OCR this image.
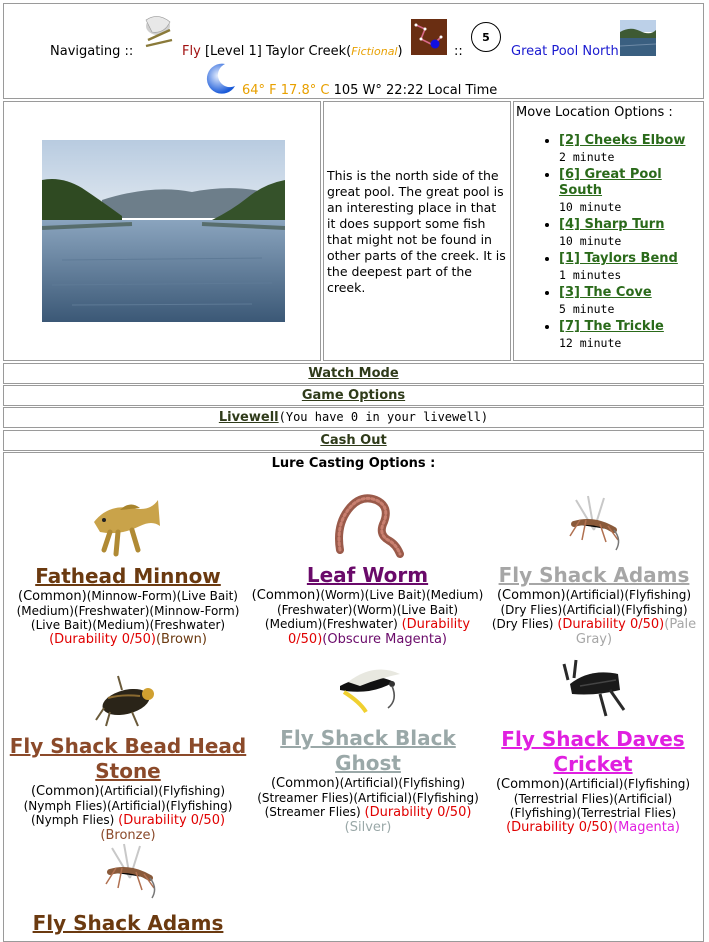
Navigating ::	Fly [Level 1] Taylor Creek(Fictional)	::
5
Great Pool North
64° F 17.8° C 105 W° 22:22 Local Time
This is the north side of the great pool. The great pool is an interesting place in that it does support some fish that might not be found in other parts of the creek. It is the deepest part of the creek.
Move Location Options :
• [2] Cheeks Elbow
2 minute
• [6] Great Pool South
10 minute
• [4] Sharp Turn
10 minute
• [1] Taylors Bend
1 minutes
• [3] The Cove
5 minute
• [7] The Trickle
12 minute
Watch Mode
Game Options
Livewell(You have 0 in your livewell)
Cash Out
Lure Casting Options :
Fathead Minnow
(Common)(Minnow-Form)(Live Bait)(Medium)(Freshwater)(Minnow-Form)(Live Bait)(Medium)(Freshwater) (Durability 0/50)(Brown)
Leaf Worm
(Common)(Worm)(Live Bait)(Medium)(Freshwater)(Worm)(Live Bait)(Medium)(Freshwater) (Durability 0/50)(Obscure Magenta)
Fly Shack Adams
(Common)(Artificial)(Flyfishing)(Dry Flies)(Artificial)(Flyfishing)(Dry Flies) (Durability 0/50)(Pale Gray)
Fly Shack Bead Head Stone
(Common)(Artificial)(Flyfishing)(Nymph Flies)(Artificial)(Flyfishing)(Nymph Flies) (Durability 0/50)(Bronze)
Fly Shack Black Ghost
(Common)(Artificial)(Flyfishing)(Streamer Flies)(Artificial)(Flyfishing)(Streamer Flies) (Durability 0/50)(Silver)
Fly Shack Daves Cricket
(Common)(Artificial)(Flyfishing)(Terrestrial Flies)(Artificial)(Flyfishing)(Terrestrial Flies) (Durability 0/50)(Magenta)
Fly Shack Adams
